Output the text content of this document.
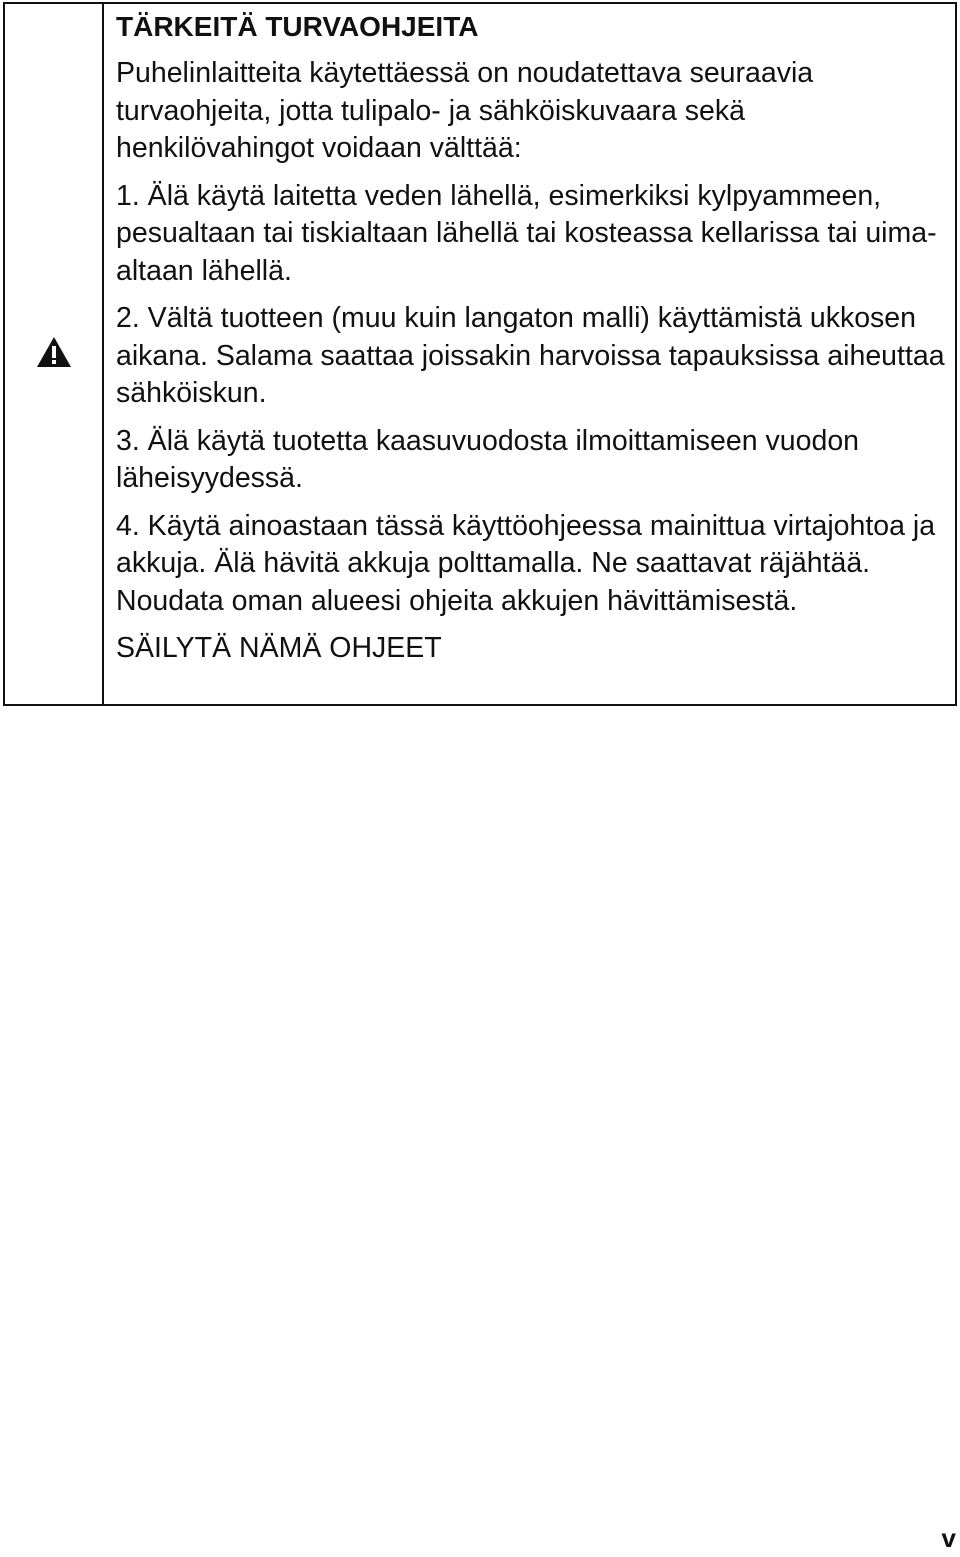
TÄRKEITÄ TURVAOHJEITA
Puhelinlaitteita käytettäessä on noudatettava seuraavia turvaohjeita, jotta tulipalo- ja sähköiskuvaara sekä henkilövahingot voidaan välttää:
1. Älä käytä laitetta veden lähellä, esimerkiksi kylpyammeen, pesualtaan tai tiskialtaan lähellä tai kosteassa kellarissa tai uima-altaan lähellä.
2. Vältä tuotteen (muu kuin langaton malli) käyttämistä ukkosen aikana. Salama saattaa joissakin harvoissa tapauksissa aiheuttaa sähköiskun.
3. Älä käytä tuotetta kaasuvuodosta ilmoittamiseen vuodon läheisyydessä.
4. Käytä ainoastaan tässä käyttöohjeessa mainittua virtajohtoa ja akkuja. Älä hävitä akkuja polttamalla. Ne saattavat räjähtää. Noudata oman alueesi ohjeita akkujen hävittämisestä.
SÄILYTÄ NÄMÄ OHJEET
v
